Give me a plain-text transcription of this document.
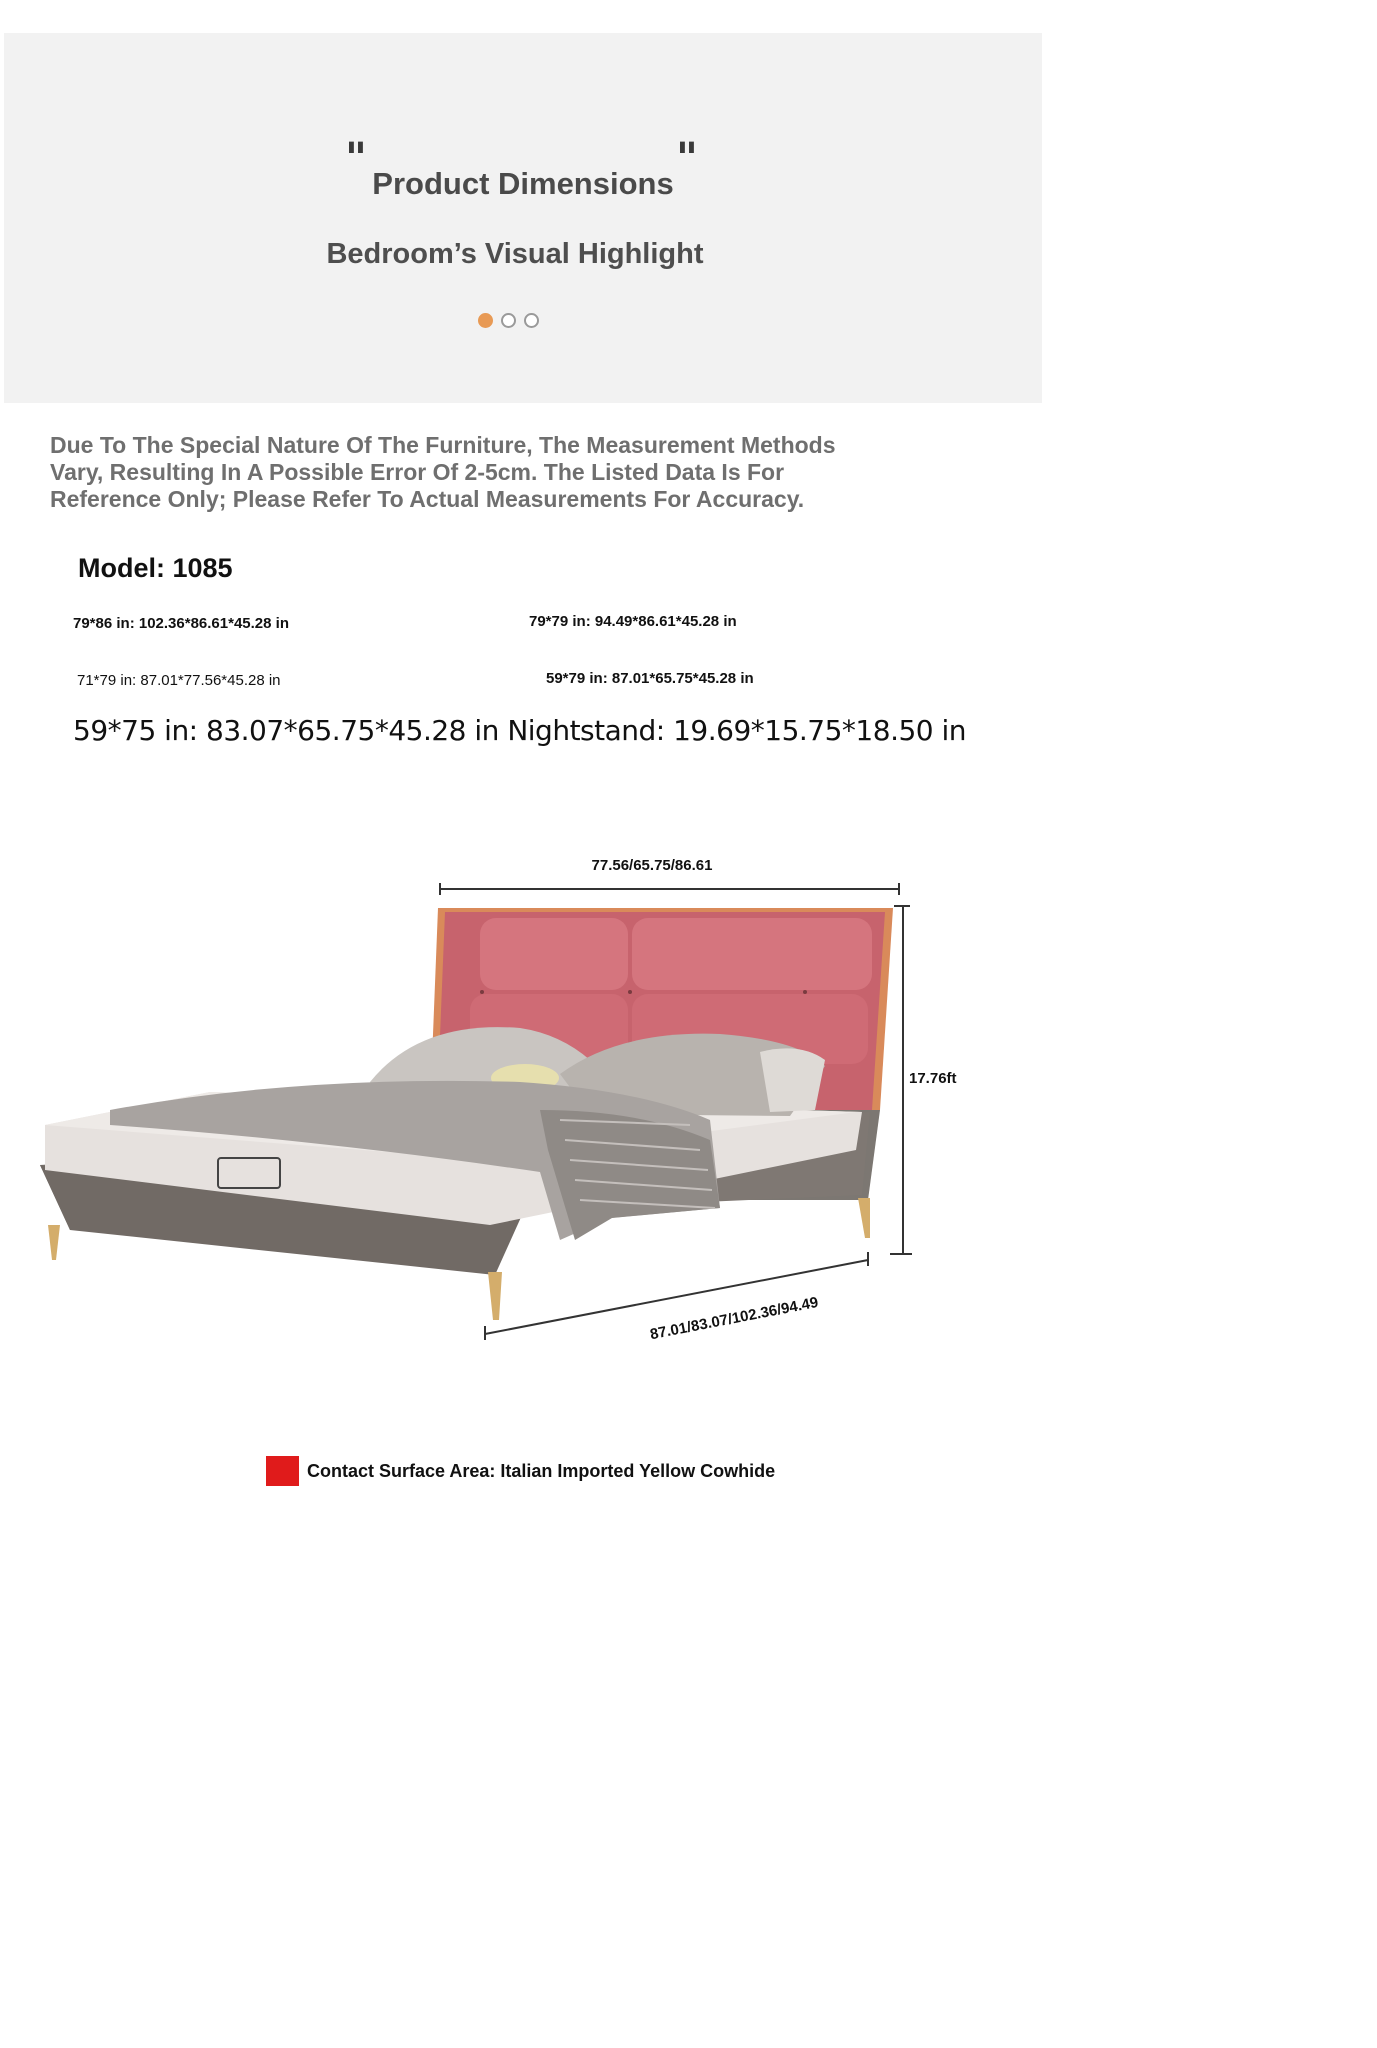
"	"
Product Dimensions
Bedroom’s Visual Highlight
Due To The Special Nature Of The Furniture, The Measurement Methods Vary, Resulting In A Possible Error Of 2-5cm. The Listed Data Is For Reference Only; Please Refer To Actual Measurements For Accuracy.
Model: 1085
79*86 in: 102.36*86.61*45.28 in	79*79 in: 94.49*86.61*45.28 in
71*79 in: 87.01*77.56*45.28 in	59*79 in: 87.01*65.75*45.28 in
59*75 in: 83.07*65.75*45.28 in Nightstand: 19.69*15.75*18.50 in
77.56/65.75/86.61
17.76ft
87.01/83.07/102.36/94.49
Contact Surface Area: Italian Imported Yellow Cowhide
